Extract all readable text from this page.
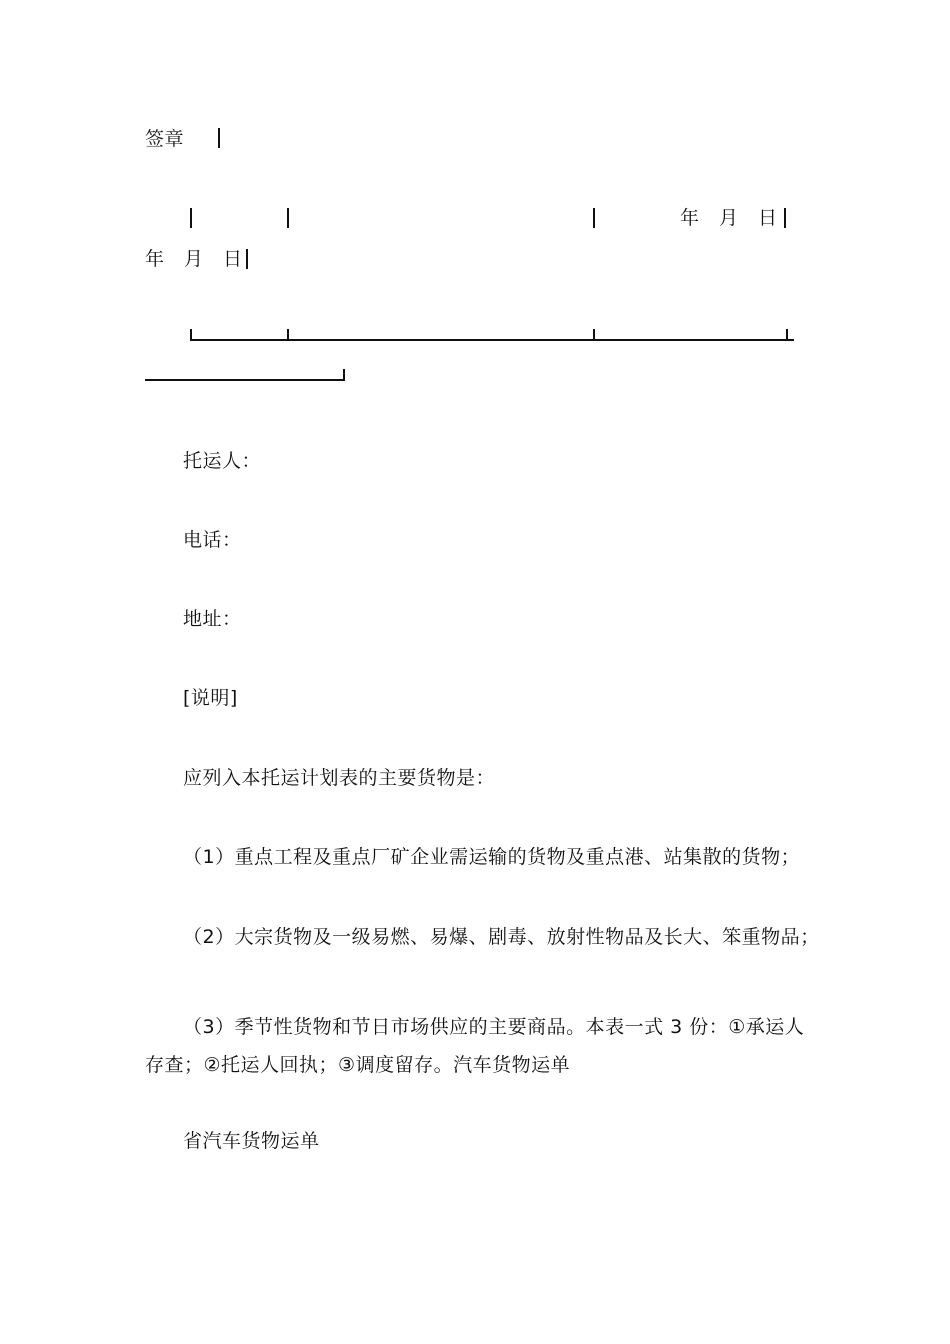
签章
年 月 日
年 月 日
托运人：
电话：
地址：
[说明]
应列入本托运计划表的主要货物是：
（1）重点工程及重点厂矿企业需运输的货物及重点港、站集散的货物；
（2）大宗货物及一级易燃、易爆、剧毒、放射性物品及长大、笨重物品；
（3）季节性货物和节日市场供应的主要商品。本表一式 3 份：①承运人存查；②托运人回执；③调度留存。汽车货物运单
省汽车货物运单
